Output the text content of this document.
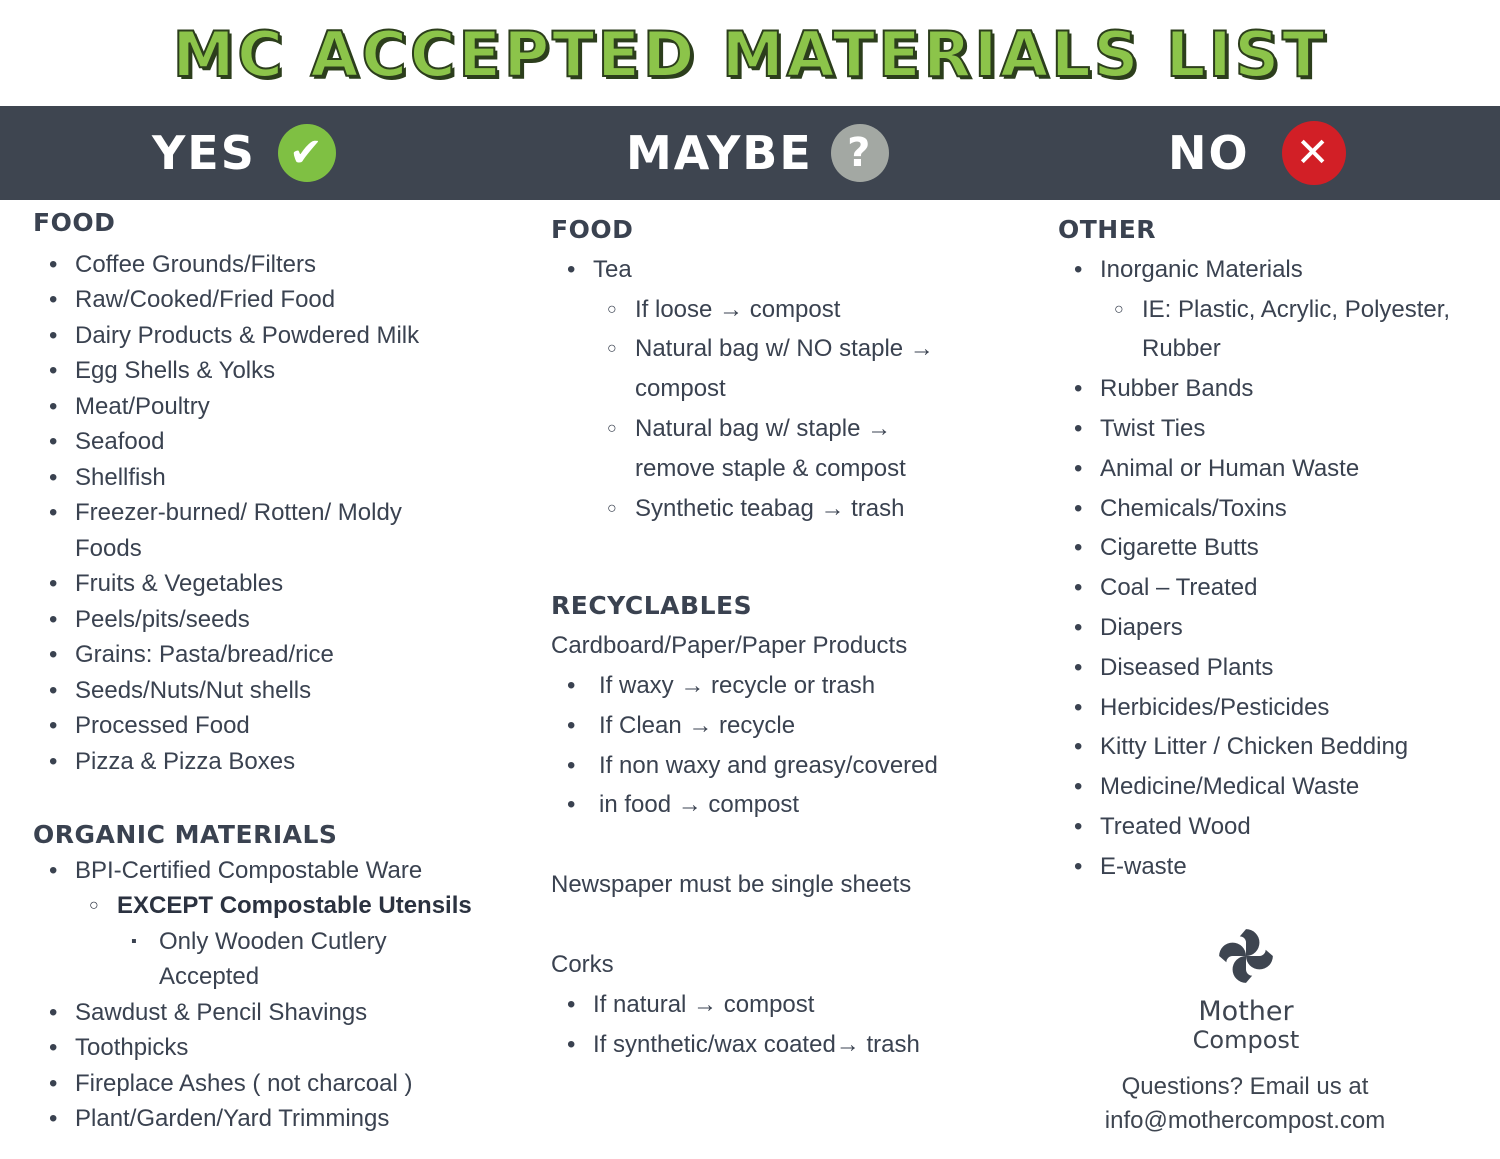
MC ACCEPTED MATERIALS LIST
YES ✔	MAYBE ?	NO	✕
FOOD
• Coffee Grounds/Filters
• Raw/Cooked/Fried Food
• Dairy Products & Powdered Milk
• Egg Shells & Yolks
• Meat/Poultry
• Seafood
• Shellfish
• Freezer-burned/ Rotten/ Moldy Foods
• Fruits & Vegetables
• Peels/pits/seeds
• Grains: Pasta/bread/rice
• Seeds/Nuts/Nut shells
• Processed Food
• Pizza & Pizza Boxes
ORGANIC MATERIALS
• BPI-Certified Compostable Ware
○ EXCEPT Compostable Utensils
▪ Only Wooden Cutlery Accepted
• Sawdust & Pencil Shavings
• Toothpicks
• Fireplace Ashes ( not charcoal )
• Plant/Garden/Yard Trimmings
FOOD
• Tea
○ If loose → compost
○ Natural bag w/ NO staple → compost
○ Natural bag w/ staple → remove staple & compost
○ Synthetic teabag → trash
RECYCLABLES
Cardboard/Paper/Paper Products
• If waxy → recycle or trash
• If Clean → recycle
• If non waxy and greasy/covered
• in food → compost
Newspaper must be single sheets
Corks
• If natural → compost
• If synthetic/wax coated→ trash
OTHER
• Inorganic Materials
○ IE: Plastic, Acrylic, Polyester, Rubber
• Rubber Bands
• Twist Ties
• Animal or Human Waste
• Chemicals/Toxins
• Cigarette Butts
• Coal – Treated
• Diapers
• Diseased Plants
• Herbicides/Pesticides
• Kitty Litter / Chicken Bedding
• Medicine/Medical Waste
• Treated Wood
• E-waste
Mother
Compost
Questions? Email us at
info@mothercompost.com
